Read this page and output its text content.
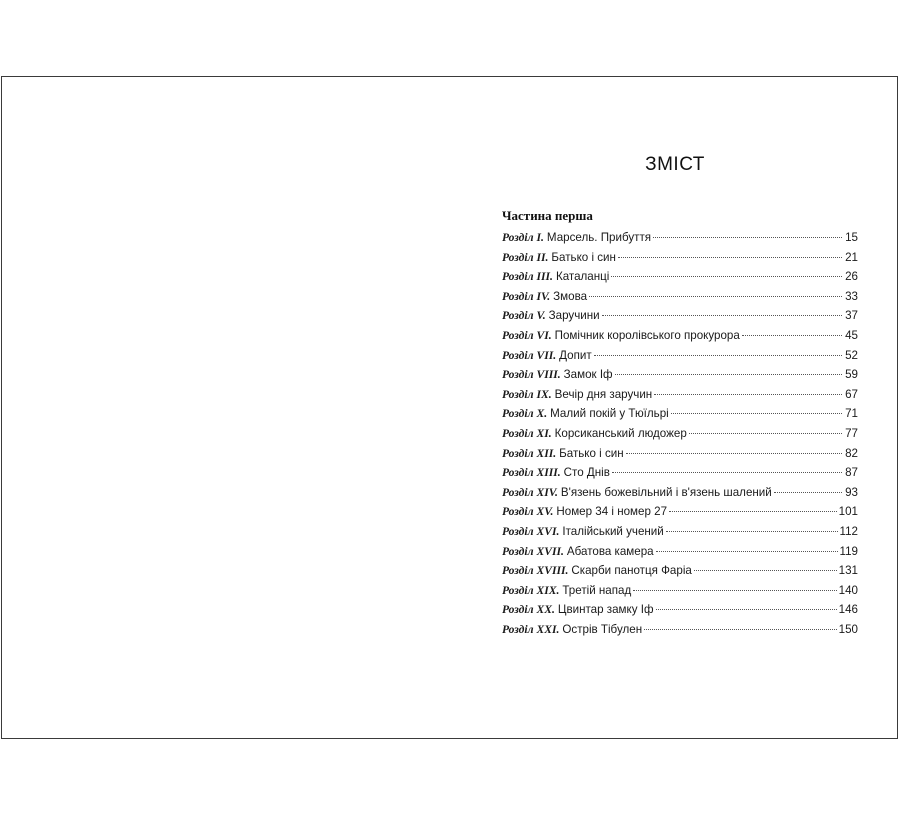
ЗМІСТ
Частина перша
Розділ I. Марсель. Прибуття	15
Розділ II. Батько і син	21
Розділ III. Каталанці	26
Розділ IV. Змова	33
Розділ V. Заручини	37
Розділ VI. Помічник королівського прокурора	45
Розділ VII. Допит	52
Розділ VIII. Замок Іф	59
Розділ IX. Вечір дня заручин	67
Розділ X. Малий покій у Тюїльрі	71
Розділ XI. Корсиканський людожер	77
Розділ XII. Батько і син	82
Розділ XIII. Сто Днів	87
Розділ XIV. В'язень божевільний і в'язень шалений	93
Розділ XV. Номер 34 і номер 27	101
Розділ XVI. Італійський учений	112
Розділ XVII. Абатова камера	119
Розділ XVIII. Скарби панотця Фаріа	131
Розділ XIX. Третій напад	140
Розділ XX. Цвинтар замку Іф	146
Розділ XXI. Острів Тібулен	150
